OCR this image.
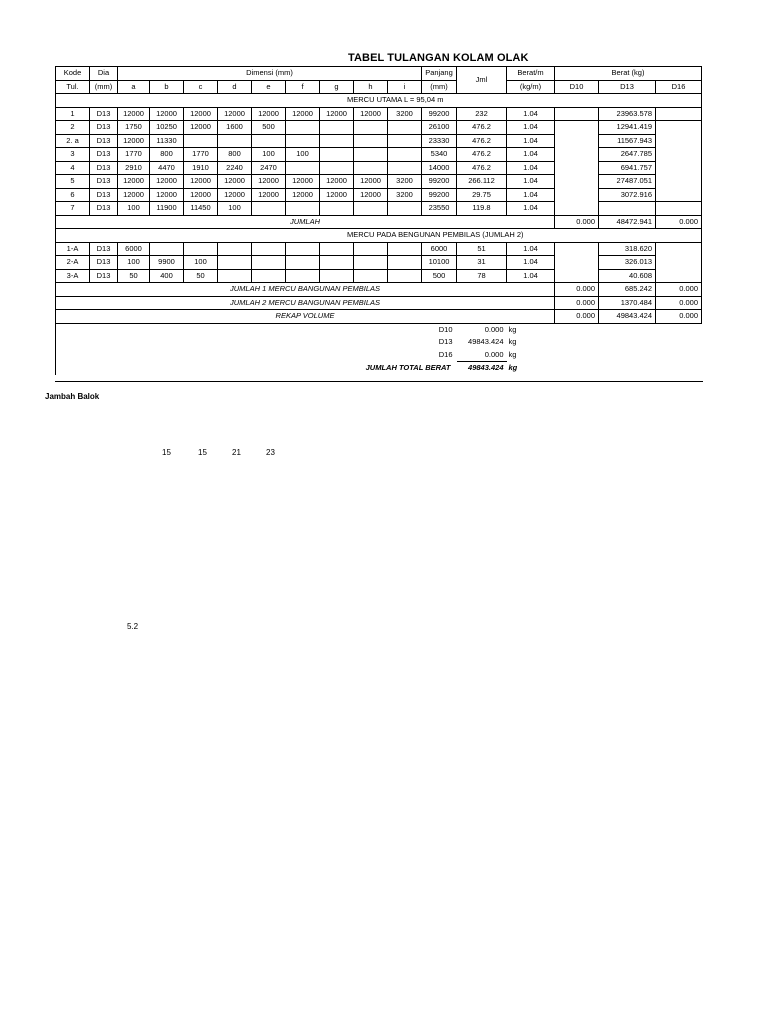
TABEL TULANGAN KOLAM OLAK
Kode	Dia	Dimensi (mm)									Panjang	Jml	Berat/m	Berat (kg)		
Tul.	(mm)	a	b	c	d	e	f	g	h	i	(mm)		(kg/m)	D10	D13	D16
	MERCU UTAMA L = 95,04 m															
1	D13	12000	12000	12000	12000	12000	12000	12000	12000	3200	99200	232	1.04		23963.578	
2	D13	1750	10250	12000	1600	500					26100	476.2	1.04		12941.419	
2. a	D13	12000	11330								23330	476.2	1.04		11567.943	
3	D13	1770	800	1770	800	100	100				5340	476.2	1.04		2647.785	
4	D13	2910	4470	1910	2240	2470					14000	476.2	1.04		6941.757	
5	D13	12000	12000	12000	12000	12000	12000	12000	12000	3200	99200	266.112	1.04		27487.051	
6	D13	12000	12000	12000	12000	12000	12000	12000	12000	3200	99200	29.75	1.04		3072.916	
7	D13	100	11900	11450	100						23550	119.8	1.04			
JUMLAH														0.000	48472.941	0.000
	MERCU PADA BENGUNAN PEMBILAS (JUMLAH 2)															
1-A	D13	6000									6000	51	1.04		318.620	
2-A	D13	100	9900	100							10100	31	1.04		326.013	
3-A	D13	50	400	50							500	78	1.04		40.608	
JUMLAH 1 MERCU BANGUNAN PEMBILAS														0.000	685.242	0.000
JUMLAH 2 MERCU BANGUNAN PEMBILAS														0.000	1370.484	0.000
REKAP VOLUME														0.000	49843.424	0.000
D10												0.000	kg			
D13												49843.424	kg			
D16												0.000	kg			
JUMLAH TOTAL BERAT												49843.424	kg			
Jambah Balok
15	15	21	23
5.2
